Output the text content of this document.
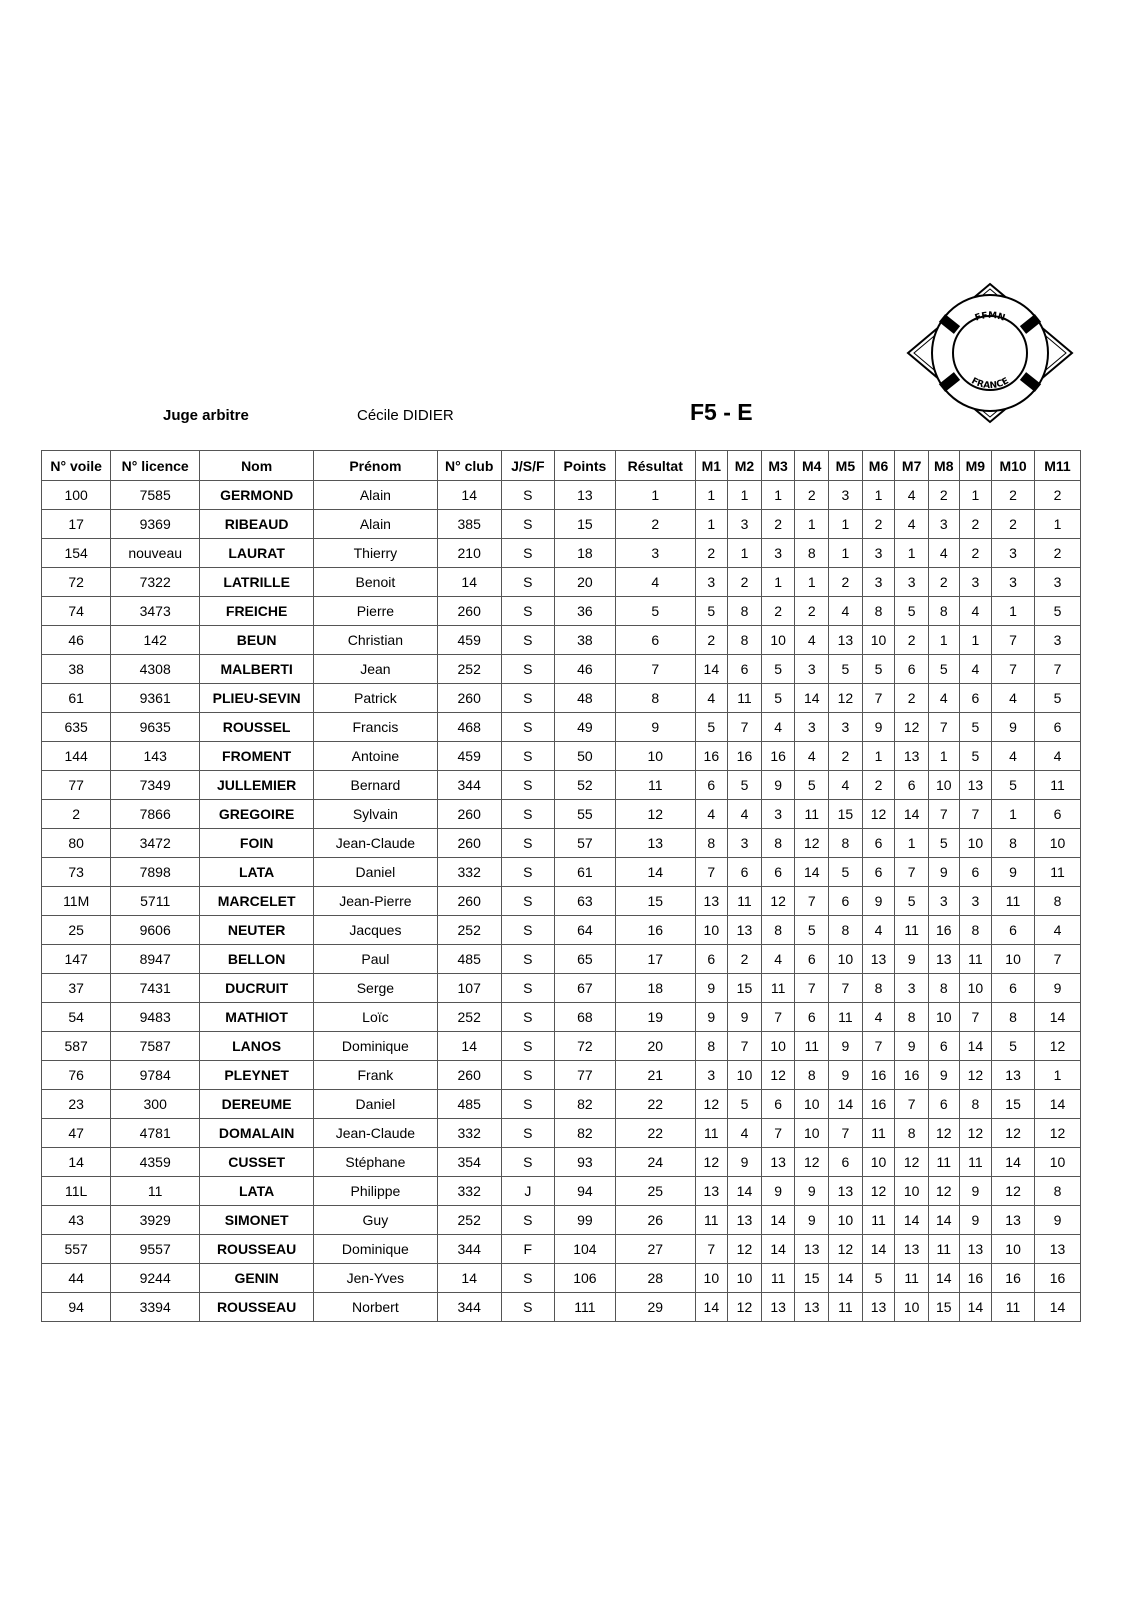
FFMN
FRANCE
Juge arbitre	Cécile DIDIER	F5 - E
N° voile	N° licence	Nom	Prénom	N° club	J/S/F	Points	Résultat	M1	M2	M3	M4	M5	M6	M7	M8	M9	M10	M11
100	7585	GERMOND	Alain	14	S	13	1	1	1	1	2	3	1	4	2	1	2	2
17	9369	RIBEAUD	Alain	385	S	15	2	1	3	2	1	1	2	4	3	2	2	1
154	nouveau	LAURAT	Thierry	210	S	18	3	2	1	3	8	1	3	1	4	2	3	2
72	7322	LATRILLE	Benoit	14	S	20	4	3	2	1	1	2	3	3	2	3	3	3
74	3473	FREICHE	Pierre	260	S	36	5	5	8	2	2	4	8	5	8	4	1	5
46	142	BEUN	Christian	459	S	38	6	2	8	10	4	13	10	2	1	1	7	3
38	4308	MALBERTI	Jean	252	S	46	7	14	6	5	3	5	5	6	5	4	7	7
61	9361	PLIEU-SEVIN	Patrick	260	S	48	8	4	11	5	14	12	7	2	4	6	4	5
635	9635	ROUSSEL	Francis	468	S	49	9	5	7	4	3	3	9	12	7	5	9	6
144	143	FROMENT	Antoine	459	S	50	10	16	16	16	4	2	1	13	1	5	4	4
77	7349	JULLEMIER	Bernard	344	S	52	11	6	5	9	5	4	2	6	10	13	5	11
2	7866	GREGOIRE	Sylvain	260	S	55	12	4	4	3	11	15	12	14	7	7	1	6
80	3472	FOIN	Jean-Claude	260	S	57	13	8	3	8	12	8	6	1	5	10	8	10
73	7898	LATA	Daniel	332	S	61	14	7	6	6	14	5	6	7	9	6	9	11
11M	5711	MARCELET	Jean-Pierre	260	S	63	15	13	11	12	7	6	9	5	3	3	11	8
25	9606	NEUTER	Jacques	252	S	64	16	10	13	8	5	8	4	11	16	8	6	4
147	8947	BELLON	Paul	485	S	65	17	6	2	4	6	10	13	9	13	11	10	7
37	7431	DUCRUIT	Serge	107	S	67	18	9	15	11	7	7	8	3	8	10	6	9
54	9483	MATHIOT	Loïc	252	S	68	19	9	9	7	6	11	4	8	10	7	8	14
587	7587	LANOS	Dominique	14	S	72	20	8	7	10	11	9	7	9	6	14	5	12
76	9784	PLEYNET	Frank	260	S	77	21	3	10	12	8	9	16	16	9	12	13	1
23	300	DEREUME	Daniel	485	S	82	22	12	5	6	10	14	16	7	6	8	15	14
47	4781	DOMALAIN	Jean-Claude	332	S	82	22	11	4	7	10	7	11	8	12	12	12	12
14	4359	CUSSET	Stéphane	354	S	93	24	12	9	13	12	6	10	12	11	11	14	10
11L	11	LATA	Philippe	332	J	94	25	13	14	9	9	13	12	10	12	9	12	8
43	3929	SIMONET	Guy	252	S	99	26	11	13	14	9	10	11	14	14	9	13	9
557	9557	ROUSSEAU	Dominique	344	F	104	27	7	12	14	13	12	14	13	11	13	10	13
44	9244	GENIN	Jen-Yves	14	S	106	28	10	10	11	15	14	5	11	14	16	16	16
94	3394	ROUSSEAU	Norbert	344	S	111	29	14	12	13	13	11	13	10	15	14	11	14
